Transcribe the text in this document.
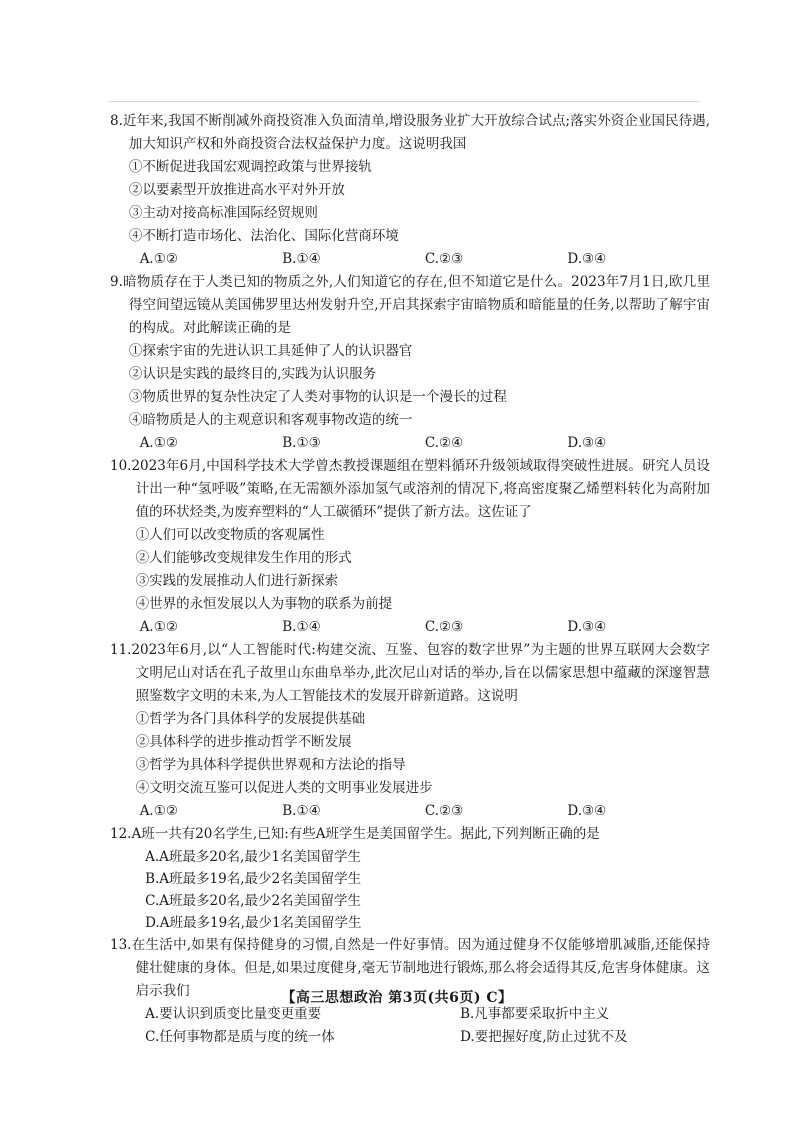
8.近年来,我国不断削减外商投资准入负面清单,增设服务业扩大开放综合试点;落实外资企业国民待遇,加大知识产权和外商投资合法权益保护力度。这说明我国
①不断促进我国宏观调控政策与世界接轨
②以要素型开放推进高水平对外开放
③主动对接高标准国际经贸规则
④不断打造市场化、法治化、国际化营商环境
A.①②	B.①④	C.②③	D.③④
9.暗物质存在于人类已知的物质之外,人们知道它的存在,但不知道它是什么。2023年7月1日,欧几里得空间望远镜从美国佛罗里达州发射升空,开启其探索宇宙暗物质和暗能量的任务,以帮助了解宇宙的构成。对此解读正确的是
①探索宇宙的先进认识工具延伸了人的认识器官
②认识是实践的最终目的,实践为认识服务
③物质世界的复杂性决定了人类对事物的认识是一个漫长的过程
④暗物质是人的主观意识和客观事物改造的统一
A.①②	B.①③	C.②④	D.③④
10.2023年6月,中国科学技术大学曾杰教授课题组在塑料循环升级领域取得突破性进展。研究人员设计出一种“氢呼吸”策略,在无需额外添加氢气或溶剂的情况下,将高密度聚乙烯塑料转化为高附加值的环状烃类,为废弃塑料的“人工碳循环”提供了新方法。这佐证了
①人们可以改变物质的客观属性
②人们能够改变规律发生作用的形式
③实践的发展推动人们进行新探索
④世界的永恒发展以人为事物的联系为前提
A.①②	B.①④	C.②③	D.③④
11.2023年6月,以“人工智能时代:构建交流、互鉴、包容的数字世界”为主题的世界互联网大会数字文明尼山对话在孔子故里山东曲阜举办,此次尼山对话的举办,旨在以儒家思想中蕴藏的深邃智慧照鉴数字文明的未来,为人工智能技术的发展开辟新道路。这说明
①哲学为各门具体科学的发展提供基础
②具体科学的进步推动哲学不断发展
③哲学为具体科学提供世界观和方法论的指导
④文明交流互鉴可以促进人类的文明事业发展进步
A.①②	B.①④	C.②③	D.③④
12.A班一共有20名学生,已知:有些A班学生是美国留学生。据此,下列判断正确的是
A.A班最多20名,最少1名美国留学生
B.A班最多19名,最少2名美国留学生
C.A班最多20名,最少2名美国留学生
D.A班最多19名,最少1名美国留学生
13.在生活中,如果有保持健身的习惯,自然是一件好事情。因为通过健身不仅能够增肌减脂,还能保持健壮健康的身体。但是,如果过度健身,毫无节制地进行锻炼,那么将会适得其反,危害身体健康。这启示我们
A.要认识到质变比量变更重要	B.凡事都要采取折中主义
C.任何事物都是质与度的统一体	D.要把握好度,防止过犹不及
【高三思想政治 第3页(共6页) C】
